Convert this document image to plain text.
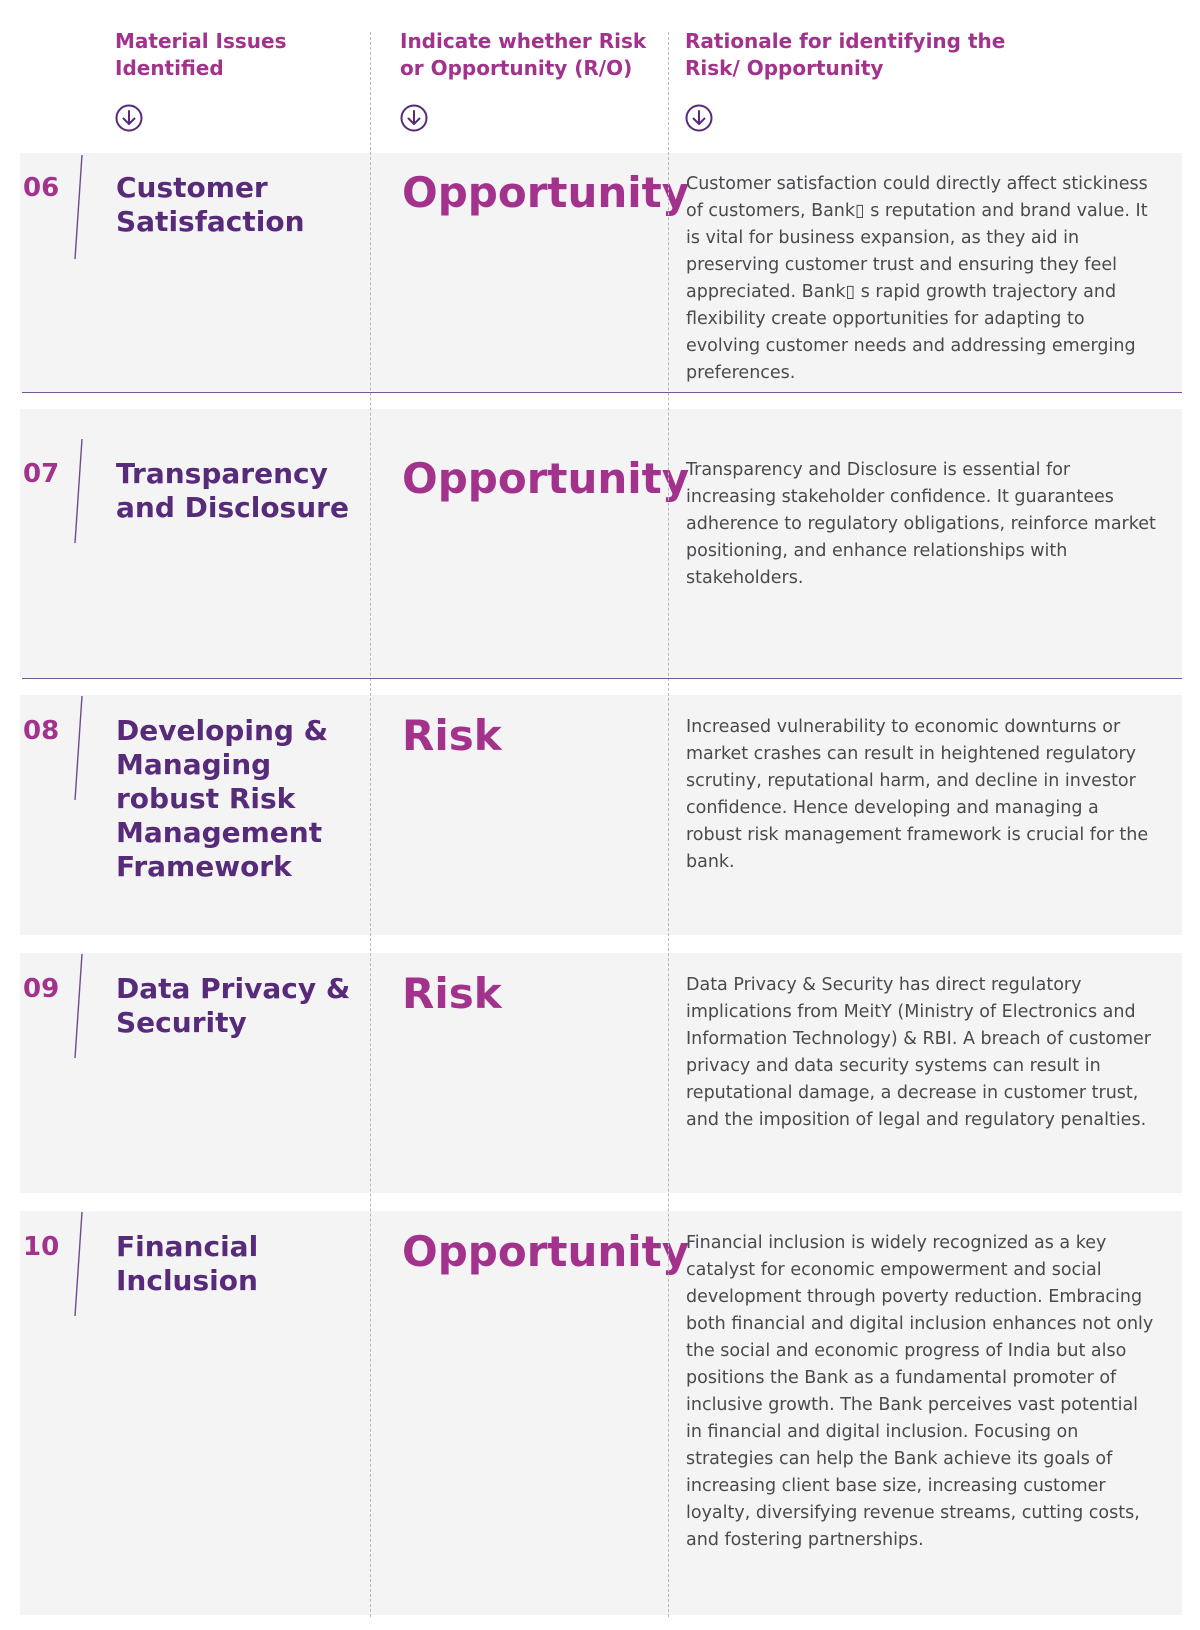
Material Issues
Identified
Indicate whether Risk
or Opportunity (R/O)
Rationale for identifying the
Risk/ Opportunity
06 Customer Satisfaction
Opportunity
Customer satisfaction could directly affect stickiness of customers, Bank▯ s reputation and brand value. It is vital for business expansion, as they aid in preserving customer trust and ensuring they feel appreciated. Bank▯ s rapid growth trajectory and flexibility create opportunities for adapting to evolving customer needs and addressing emerging preferences.
07 Transparency and Disclosure
Opportunity
Transparency and Disclosure is essential for increasing stakeholder confidence. It guarantees adherence to regulatory obligations, reinforce market positioning, and enhance relationships with stakeholders.
08 Developing & Managing robust Risk Management Framework
Risk	Increased vulnerability to economic downturns or market crashes can result in heightened regulatory scrutiny, reputational harm, and decline in investor confidence. Hence developing and managing a robust risk management framework is crucial for the bank.
09 Data Privacy & Security
Risk	Data Privacy & Security has direct regulatory implications from MeitY (Ministry of Electronics and Information Technology) & RBI. A breach of customer privacy and data security systems can result in reputational damage, a decrease in customer trust, and the imposition of legal and regulatory penalties.
10 Financial Inclusion
Opportunity
Financial inclusion is widely recognized as a key catalyst for economic empowerment and social development through poverty reduction. Embracing both financial and digital inclusion enhances not only the social and economic progress of India but also positions the Bank as a fundamental promoter of inclusive growth. The Bank perceives vast potential in financial and digital inclusion. Focusing on strategies can help the Bank achieve its goals of increasing client base size, increasing customer loyalty, diversifying revenue streams, cutting costs, and fostering partnerships.
